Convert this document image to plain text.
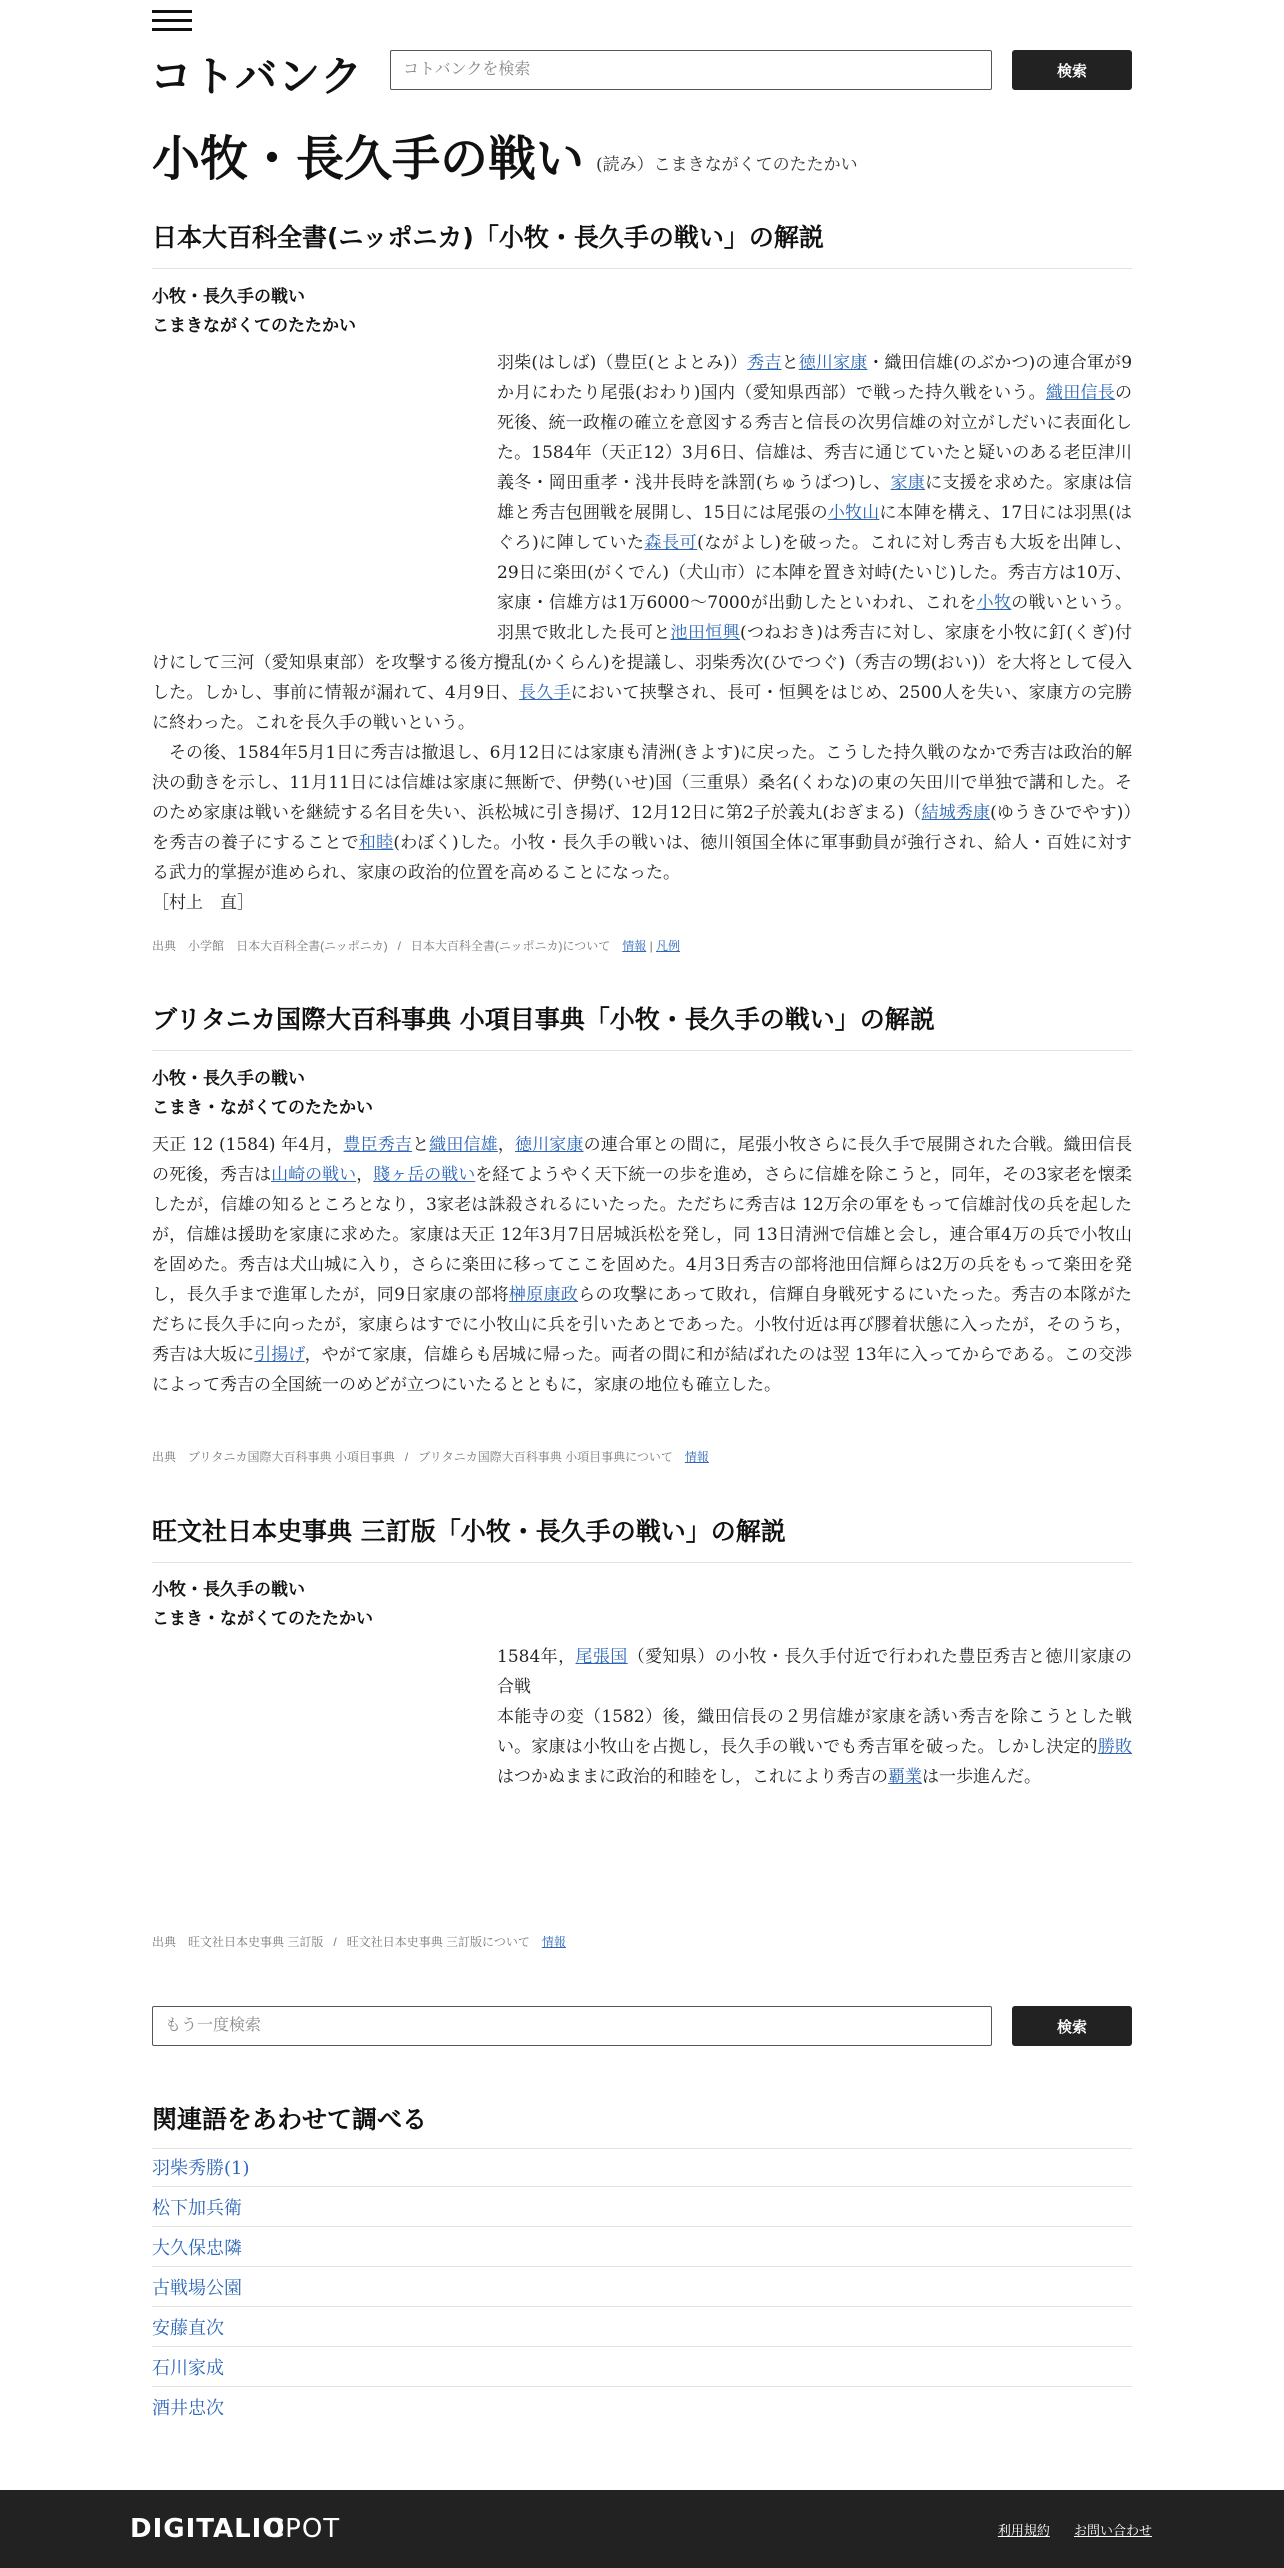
コトバンク
コトバンクを検索	検索
小牧・長久手の戦い (読み）こまきながくてのたたかい
日本大百科全書(ニッポニカ)「小牧・長久手の戦い」の解説
小牧・長久手の戦い
こまきながくてのたたかい

羽柴(はしば)（豊臣(とよとみ)）秀吉と徳川家康・織田信雄(のぶかつ)の連合軍が9か月にわたり尾張(おわり)国内（愛知県西部）で戦った持久戦をいう。織田信長の死後、統一政権の確立を意図する秀吉と信長の次男信雄の対立がしだいに表面化した。1584年（天正12）3月6日、信雄は、秀吉に通じていたと疑いのある老臣津川義冬・岡田重孝・浅井長時を誅罰(ちゅうばつ)し、家康に支援を求めた。家康は信雄と秀吉包囲戦を展開し、15日には尾張の小牧山に本陣を構え、17日には羽黒(はぐろ)に陣していた森長可(ながよし)を破った。これに対し秀吉も大坂を出陣し、29日に楽田(がくでん)（犬山市）に本陣を置き対峙(たいじ)した。秀吉方は10万、家康・信雄方は1万6000～7000が出動したといわれ、これを小牧の戦いという。羽黒で敗北した長可と池田恒興(つねおき)は秀吉に対し、家康を小牧に釘(くぎ)付けにして三河（愛知県東部）を攻撃する後方攪乱(かくらん)を提議し、羽柴秀次(ひでつぐ)（秀吉の甥(おい)）を大将として侵入した。しかし、事前に情報が漏れて、4月9日、長久手において挟撃され、長可・恒興をはじめ、2500人を失い、家康方の完勝に終わった。これを長久手の戦いという。

その後、1584年5月1日に秀吉は撤退し、6月12日には家康も清洲(きよす)に戻った。こうした持久戦のなかで秀吉は政治的解決の動きを示し、11月11日には信雄は家康に無断で、伊勢(いせ)国（三重県）桑名(くわな)の東の矢田川で単独で講和した。そのため家康は戦いを継続する名目を失い、浜松城に引き揚げ、12月12日に第2子於義丸(おぎまる)（結城秀康(ゆうきひでやす)）を秀吉の養子にすることで和睦(わぼく)した。小牧・長久手の戦いは、徳川領国全体に軍事動員が強行され、給人・百姓に対する武力的掌握が進められ、家康の政治的位置を高めることになった。

［村上　直］

出典　 小学館　 日本大百科全書(ニッポニカ) / 日本大百科全書(ニッポニカ)について　 情報 | 凡例
ブリタニカ国際大百科事典 小項目事典「小牧・長久手の戦い」の解説
小牧・長久手の戦い
こまき・ながくてのたたかい

天正 12 (1584) 年4月，豊臣秀吉と織田信雄，徳川家康の連合軍との間に，尾張小牧さらに長久手で展開された合戦。織田信長の死後，秀吉は山崎の戦い，賤ヶ岳の戦いを経てようやく天下統一の歩を進め，さらに信雄を除こうと，同年，その3家老を懐柔したが，信雄の知るところとなり，3家老は誅殺されるにいたった。ただちに秀吉は 12万余の軍をもって信雄討伐の兵を起したが，信雄は援助を家康に求めた。家康は天正 12年3月7日居城浜松を発し，同 13日清洲で信雄と会し，連合軍4万の兵で小牧山を固めた。秀吉は犬山城に入り，さらに楽田に移ってここを固めた。4月3日秀吉の部将池田信輝らは2万の兵をもって楽田を発し，長久手まで進軍したが，同9日家康の部将榊原康政らの攻撃にあって敗れ，信輝自身戦死するにいたった。秀吉の本隊がただちに長久手に向ったが，家康らはすでに小牧山に兵を引いたあとであった。小牧付近は再び膠着状態に入ったが，そのうち，秀吉は大坂に引揚げ，やがて家康，信雄らも居城に帰った。両者の間に和が結ばれたのは翌 13年に入ってからである。この交渉によって秀吉の全国統一のめどが立つにいたるとともに，家康の地位も確立した。

出典　 ブリタニカ国際大百科事典 小項目事典 / ブリタニカ国際大百科事典 小項目事典について　 情報
旺文社日本史事典 三訂版「小牧・長久手の戦い」の解説
小牧・長久手の戦い
こまき・ながくてのたたかい

1584年，尾張国（愛知県）の小牧・長久手付近で行われた豊臣秀吉と徳川家康の合戦

本能寺の変（1582）後，織田信長の２男信雄が家康を誘い秀吉を除こうとした戦い。家康は小牧山を占拠し，長久手の戦いでも秀吉軍を破った。しかし決定的勝敗はつかぬままに政治的和睦をし，これにより秀吉の覇業は一歩進んだ。

出典　 旺文社日本史事典 三訂版 / 旺文社日本史事典 三訂版について　 情報
もう一度検索
検索
関連語をあわせて調べる
羽柴秀勝(1)
松下加兵衛
大久保忠隣
古戦場公園
安藤直次
石川家成
酒井忠次
DIGITALIO
CPOT	利用規約 お問い合わせ
